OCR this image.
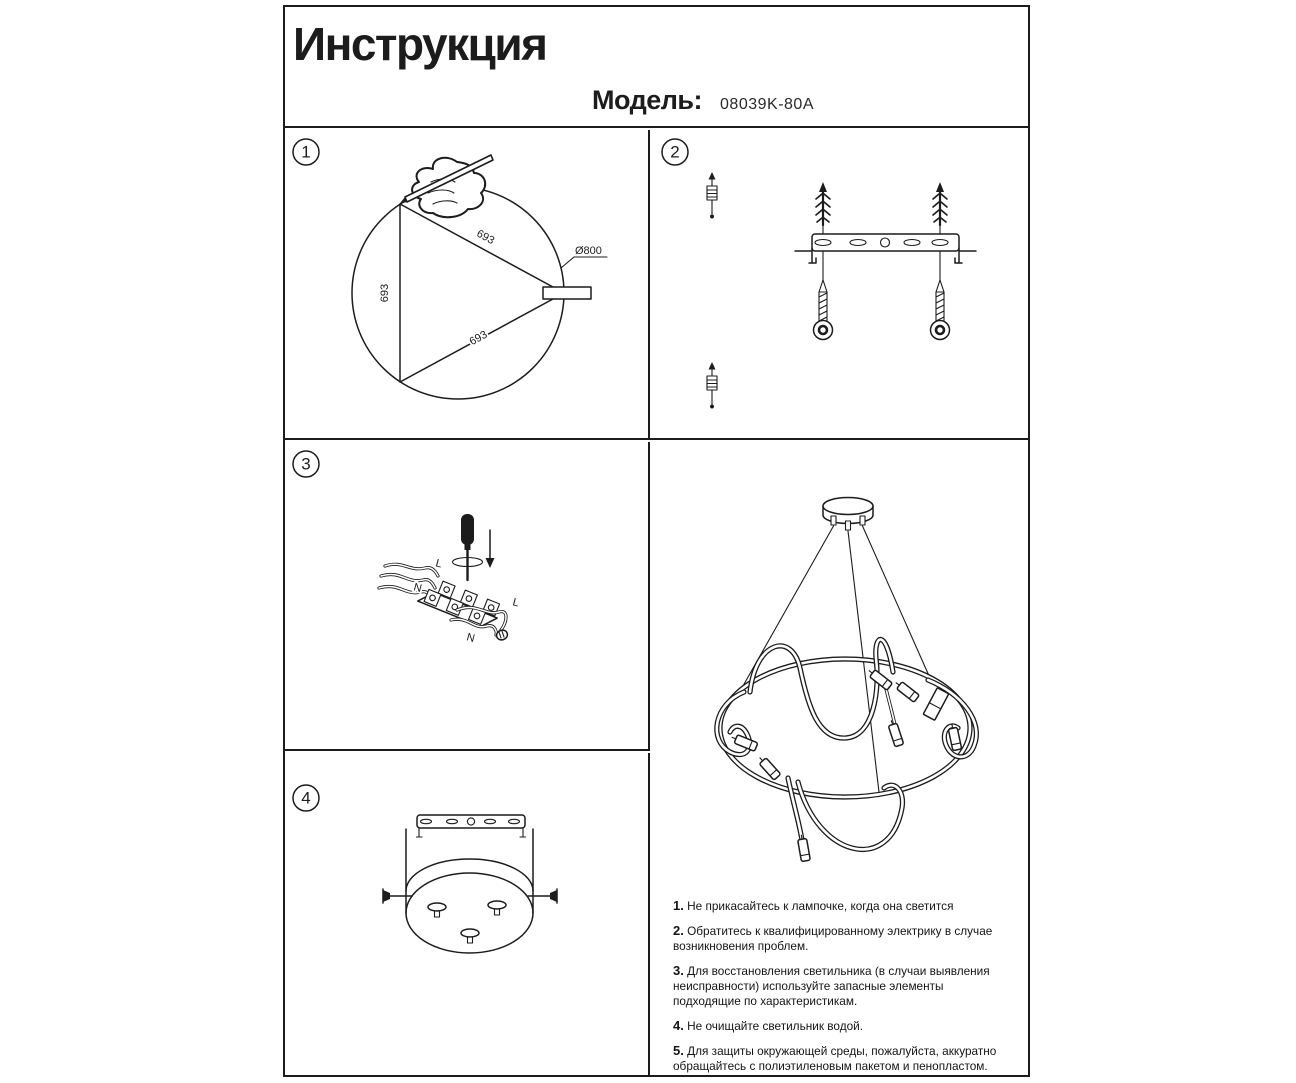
Инструкция
Модель: 08039K-80A
1
Ø800
693
693
693
2
3
L
N
L
N
4
1. Не прикасайтесь к лампочке, когда она светится
2. Обратитесь к квалифицированному электрику в случае возникновения проблем.
3. Для восстановления светильника (в случаи выявления неисправности) используйте запасные элементы подходящие по характеристикам.
4. Не очищайте светильник водой.
5. Для защиты окружающей среды, пожалуйста, аккуратно обращайтесь с полиэтиленовым пакетом и пенопластом.
